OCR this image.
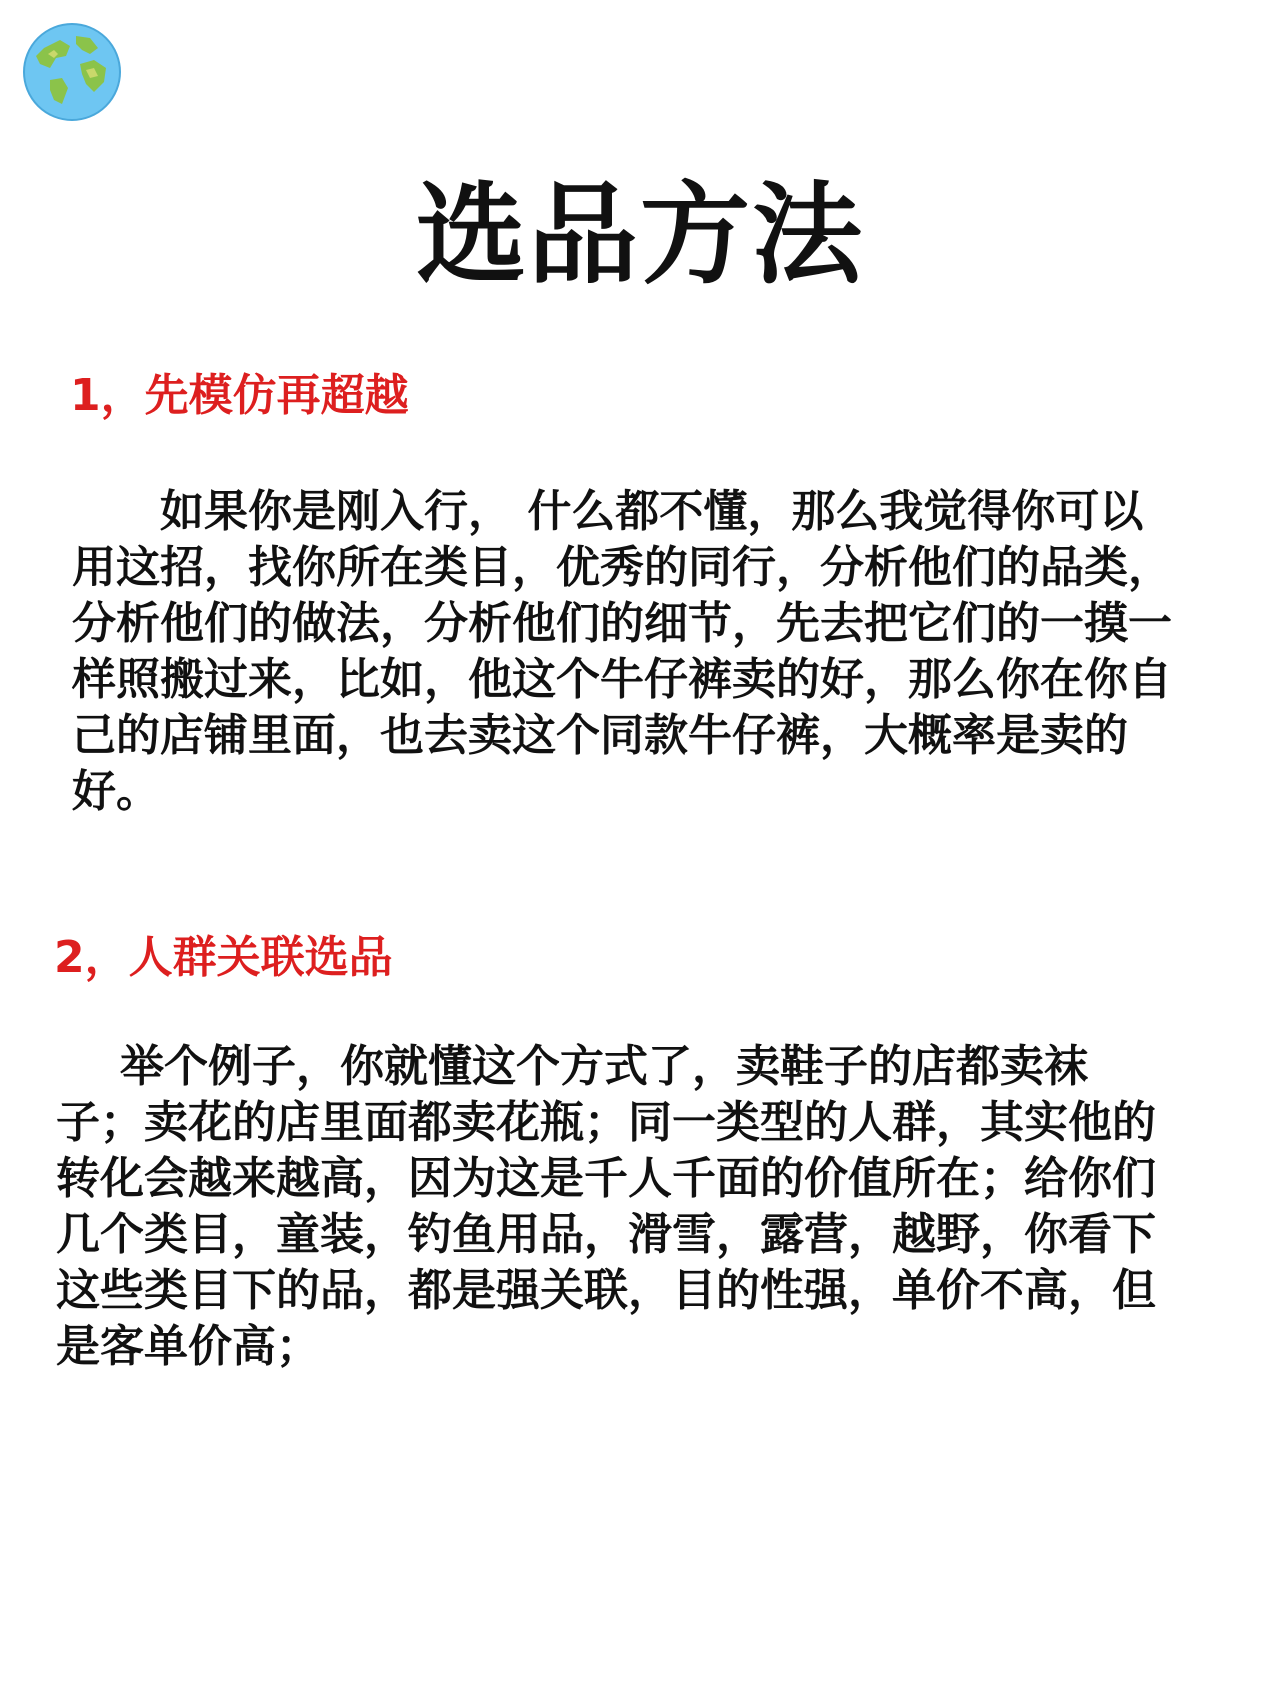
选品方法
1，先模仿再超越

如果你是刚入行， 什么都不懂，那么我觉得你可以用这招，找你所在类目，优秀的同行，分析他们的品类，分析他们的做法，分析他们的细节，先去把它们的一摸一样照搬过来，比如，他这个牛仔裤卖的好，那么你在你自己的店铺里面，也去卖这个同款牛仔裤，大概率是卖的好。

2，人群关联选品

举个例子，你就懂这个方式了，卖鞋子的店都卖袜子；卖花的店里面都卖花瓶；同一类型的人群，其实他的转化会越来越高，因为这是千人千面的价值所在；给你们几个类目，童装，钓鱼用品，滑雪，露营，越野，你看下这些类目下的品，都是强关联，目的性强，单价不高，但是客单价高；
